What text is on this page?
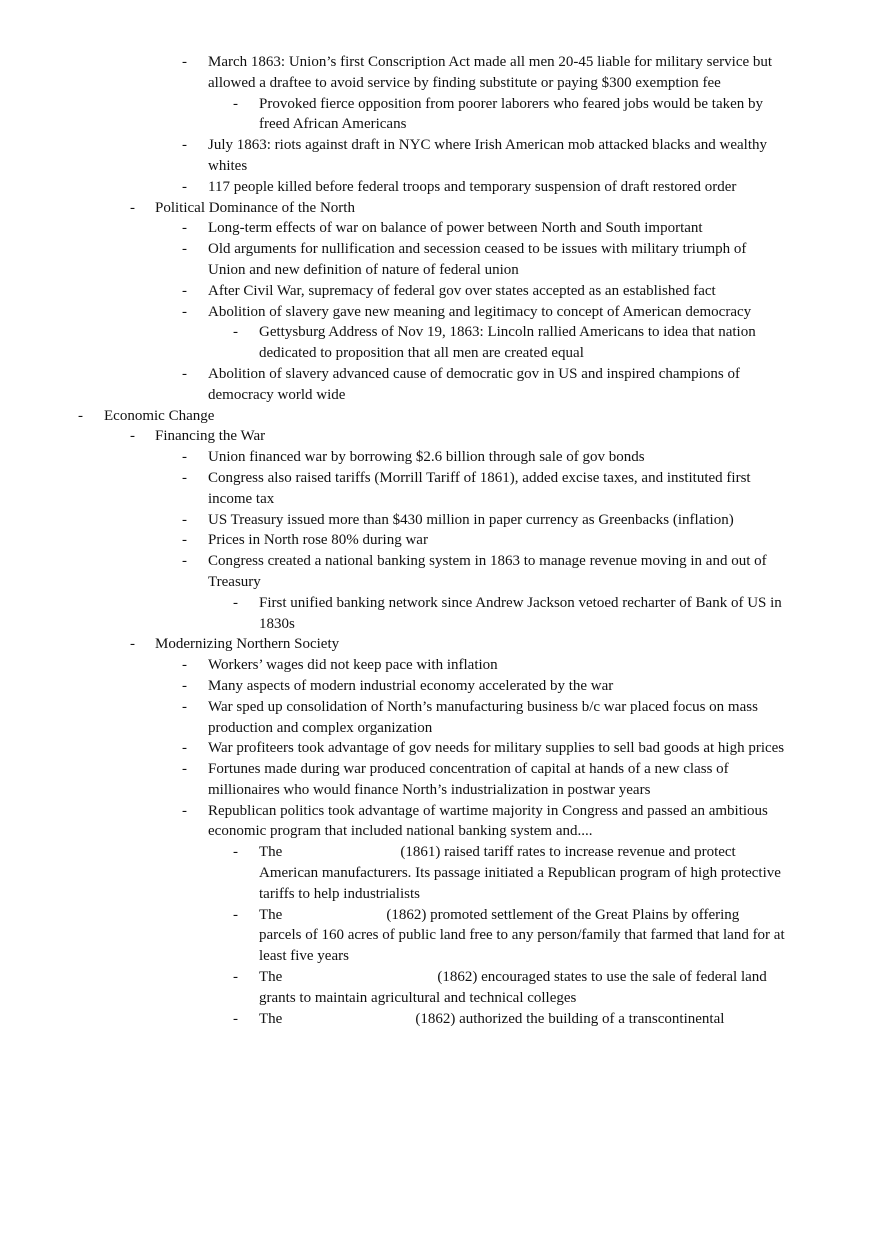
- March 1863: Union’s first Conscription Act made all men 20-45 liable for military service but allowed a draftee to avoid service by finding substitute or paying $300 exemption fee
- Provoked fierce opposition from poorer laborers who feared jobs would be taken by freed African Americans
- July 1863: riots against draft in NYC where Irish American mob attacked blacks and wealthy whites
- 117 people killed before federal troops and temporary suspension of draft restored order
- Political Dominance of the North
- Long-term effects of war on balance of power between North and South important
- Old arguments for nullification and secession ceased to be issues with military triumph of Union and new definition of nature of federal union
- After Civil War, supremacy of federal gov over states accepted as an established fact
- Abolition of slavery gave new meaning and legitimacy to concept of American democracy
- Gettysburg Address of Nov 19, 1863: Lincoln rallied Americans to idea that nation dedicated to proposition that all men are created equal
- Abolition of slavery advanced cause of democratic gov in US and inspired champions of democracy world wide
- Economic Change
- Financing the War
- Union financed war by borrowing $2.6 billion through sale of gov bonds
- Congress also raised tariffs (Morrill Tariff of 1861), added excise taxes, and instituted first income tax
- US Treasury issued more than $430 million in paper currency as Greenbacks (inflation)
- Prices in North rose 80% during war
- Congress created a national banking system in 1863 to manage revenue moving in and out of Treasury
- First unified banking network since Andrew Jackson vetoed recharter of Bank of US in 1830s
- Modernizing Northern Society
- Workers’ wages did not keep pace with inflation
- Many aspects of modern industrial economy accelerated by the war
- War sped up consolidation of North’s manufacturing business b/c war placed focus on mass production and complex organization
- War profiteers took advantage of gov needs for military supplies to sell bad goods at high prices
- Fortunes made during war produced concentration of capital at hands of a new class of millionaires who would finance North’s industrialization in postwar years
- Republican politics took advantage of wartime majority in Congress and passed an ambitious economic program that included national banking system and....
- The	(1861) raised tariff rates to increase revenue and protect American manufacturers. Its passage initiated a Republican program of high protective tariffs to help industrialists
- The	(1862) promoted settlement of the Great Plains by offering parcels of 160 acres of public land free to any person/family that farmed that land for at least five years
- The	(1862) encouraged states to use the sale of federal land grants to maintain agricultural and technical colleges
- The	(1862) authorized the building of a transcontinental
